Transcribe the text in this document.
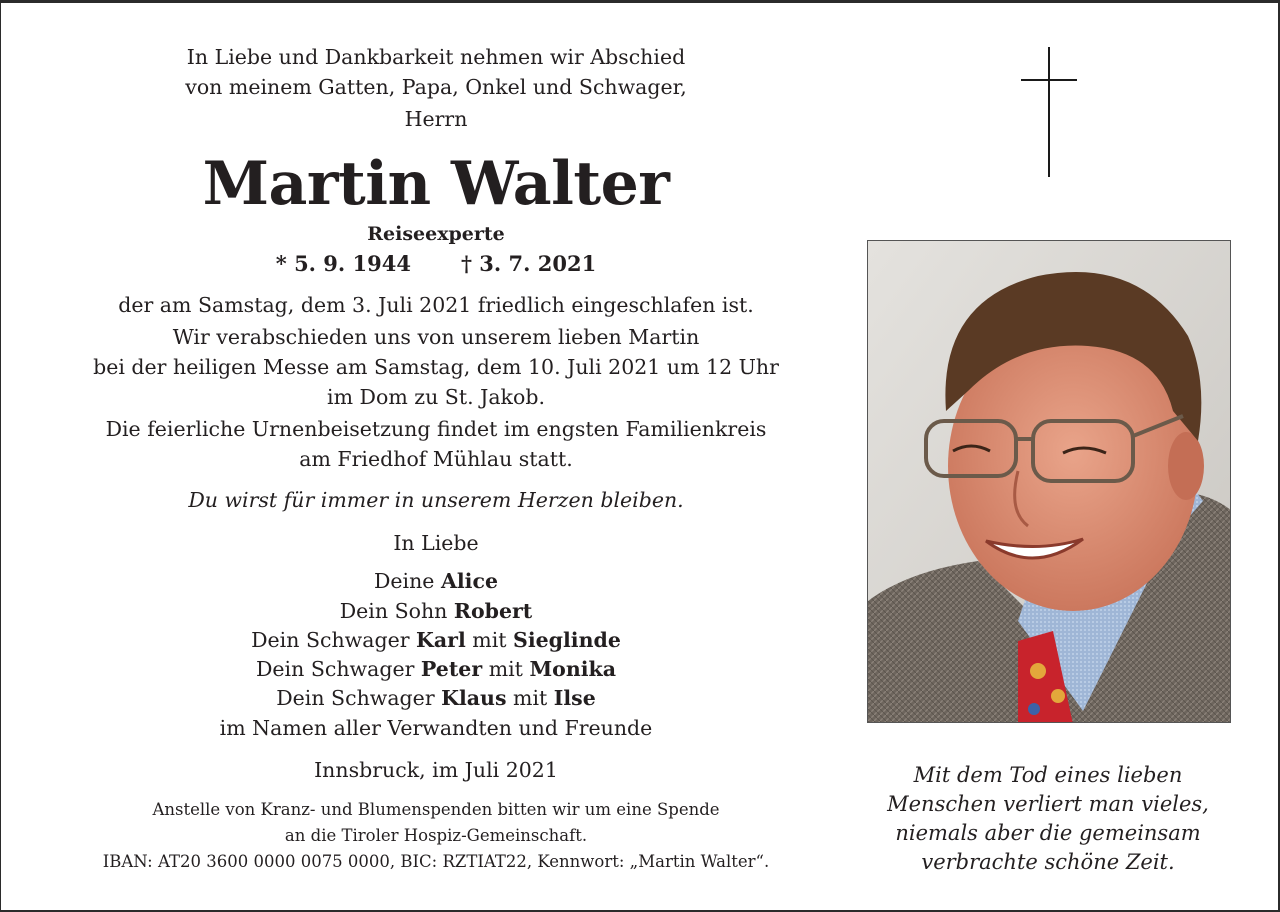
In Liebe und Dankbarkeit nehmen wir Abschied
von meinem Gatten, Papa, Onkel und Schwager,
Herrn
Martin Walter
Reiseexperte
* 5. 9. 1944 † 3. 7. 2021
der am Samstag, dem 3. Juli 2021 friedlich eingeschlafen ist.
Wir verabschieden uns von unserem lieben Martin
bei der heiligen Messe am Samstag, dem 10. Juli 2021 um 12 Uhr
im Dom zu St. Jakob.
Die feierliche Urnenbeisetzung findet im engsten Familienkreis
am Friedhof Mühlau statt.
Du wirst für immer in unserem Herzen bleiben.
In Liebe
Deine Alice
Dein Sohn Robert
Dein Schwager Karl mit Sieglinde
Dein Schwager Peter mit Monika
Dein Schwager Klaus mit Ilse
im Namen aller Verwandten und Freunde
Innsbruck, im Juli 2021
Anstelle von Kranz- und Blumenspenden bitten wir um eine Spende
an die Tiroler Hospiz-Gemeinschaft.
IBAN: AT20 3600 0000 0075 0000, BIC: RZTIAT22, Kennwort: „Martin Walter“.
Mit dem Tod eines lieben
Menschen verliert man vieles,
niemals aber die gemeinsam
verbrachte schöne Zeit.
